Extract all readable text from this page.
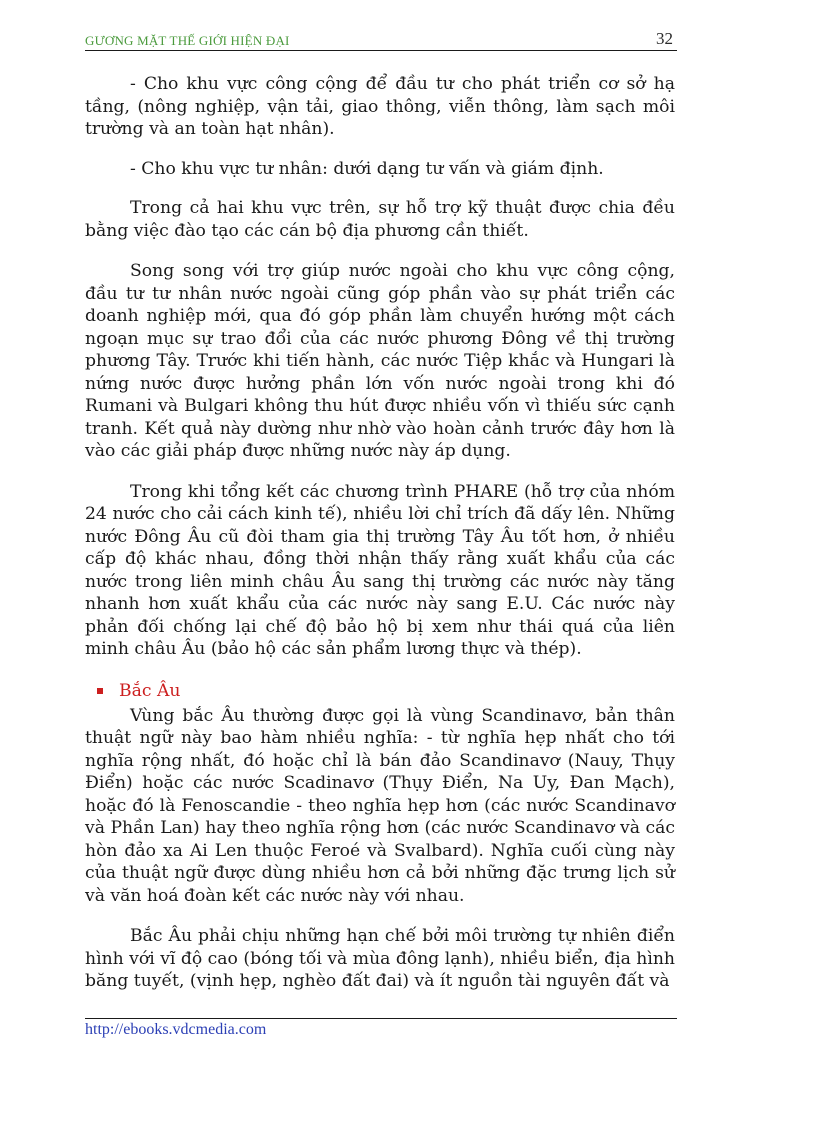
GƯƠNG MẶT THẾ GIỚI HIỆN ĐẠI	32

- Cho khu vực công cộng để đầu tư cho phát triển cơ sở hạ tầng, (nông nghiệp, vận tải, giao thông, viễn thông, làm sạch môi trường và an toàn hạt nhân).

- Cho khu vực tư nhân: dưới dạng tư vấn và giám định.

Trong cả hai khu vực trên, sự hỗ trợ kỹ thuật được chia đều bằng việc đào tạo các cán bộ địa phương cần thiết.

Song song với trợ giúp nước ngoài cho khu vực công cộng, đầu tư tư nhân nước ngoài cũng góp phần vào sự phát triển các doanh nghiệp mới, qua đó góp phần làm chuyển hướng một cách ngoạn mục sự trao đổi của các nước phương Đông về thị trường phương Tây. Trước khi tiến hành, các nước Tiệp khắc và Hungari là nứng nước được hưởng phần lớn vốn nước ngoài trong khi đó Rumani và Bulgari không thu hút được nhiều vốn vì thiếu sức cạnh tranh. Kết quả này dường như nhờ vào hoàn cảnh trước đây hơn là vào các giải pháp được những nước này áp dụng.

Trong khi tổng kết các chương trình PHARE (hỗ trợ của nhóm 24 nước cho cải cách kinh tế), nhiều lời chỉ trích đã dấy lên. Những nước Đông Âu cũ đòi tham gia thị trường Tây Âu tốt hơn, ở nhiều cấp độ khác nhau, đồng thời nhận thấy rằng xuất khẩu của các nước trong liên minh châu Âu sang thị trường các nước này tăng nhanh hơn xuất khẩu của các nước này sang E.U. Các nước này phản đối chống lại chế độ bảo hộ bị xem như thái quá của liên minh châu Âu (bảo hộ các sản phẩm lương thực và thép).

Bắc Âu

Vùng bắc Âu thường được gọi là vùng Scandinavơ, bản thân thuật ngữ này bao hàm nhiều nghĩa: - từ nghĩa hẹp nhất cho tới nghĩa rộng nhất, đó hoặc chỉ là bán đảo Scandinavơ (Nauy, Thụy Điển) hoặc các nước Scadinavơ (Thụy Điển, Na Uy, Đan Mạch), hoặc đó là Fenoscandie - theo nghĩa hẹp hơn (các nước Scandinavơ và Phần Lan) hay theo nghĩa rộng hơn (các nước Scandinavơ và các hòn đảo xa Ai Len thuộc Feroé và Svalbard). Nghĩa cuối cùng này của thuật ngữ được dùng nhiều hơn cả bởi những đặc trưng lịch sử và văn hoá đoàn kết các nước này với nhau.

Bắc Âu phải chịu những hạn chế bởi môi trường tự nhiên điển hình với vĩ độ cao (bóng tối và mùa đông lạnh), nhiều biển, địa hình băng tuyết, (vịnh hẹp, nghèo đất đai) và ít nguồn tài nguyên đất và

http://ebooks.vdcmedia.com
